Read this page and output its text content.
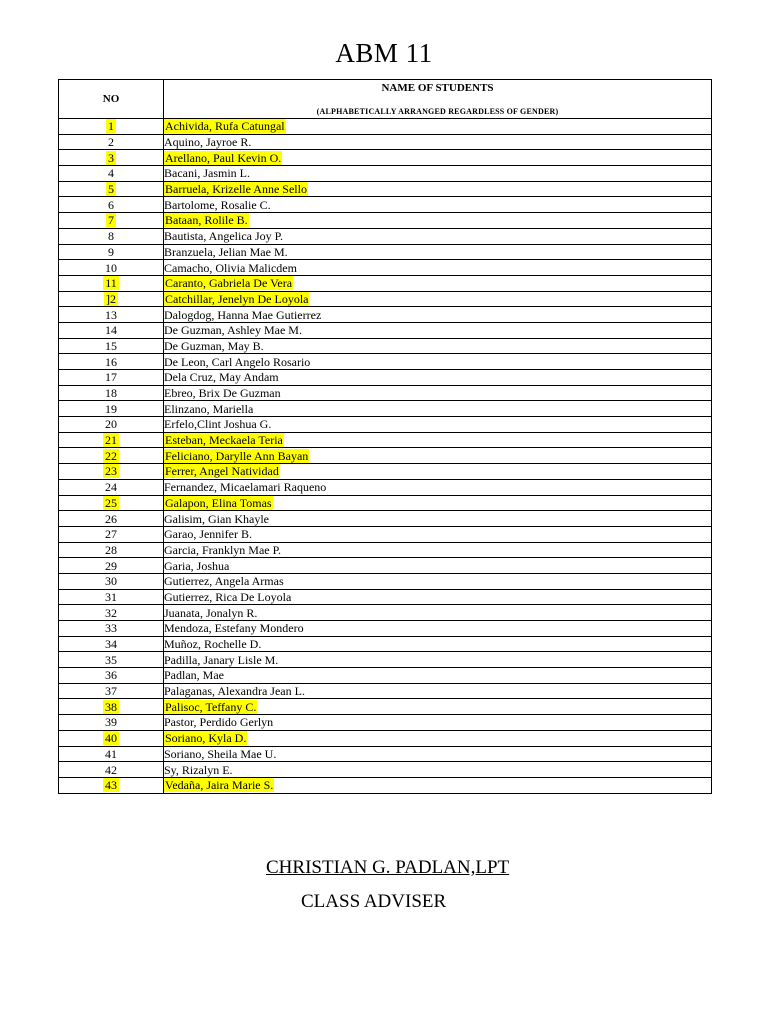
ABM 11
NO	NAME OF STUDENTS
(ALPHABETICALLY ARRANGED REGARDLESS OF GENDER)

1	Achivida, Rufa Catungal
2	Aquino, Jayroe R.
3	Arellano, Paul Kevin O.
4	Bacani, Jasmin L.
5	Barruela, Krizelle Anne Sello
6	Bartolome, Rosalie C.
7	Bataan, Rolile B.
8	Bautista, Angelica Joy P.
9	Branzuela, Jelian Mae M.
10	Camacho, Olivia Malicdem
11	Caranto, Gabriela De Vera
]2	Catchillar, Jenelyn De Loyola
13	Dalogdog, Hanna Mae Gutierrez
14	De Guzman, Ashley Mae M.
15	De Guzman, May B.
16	De Leon, Carl Angelo Rosario
17	Dela Cruz, May Andam
18	Ebreo, Brix De Guzman
19	Elinzano, Mariella
20	Erfelo,Clint Joshua G.
21	Esteban, Meckaela Teria
22	Feliciano, Darylle Ann Bayan
23	Ferrer, Angel Natividad
24	Fernandez, Micaelamari Raqueno
25	Galapon, Elina Tomas
26	Galisim, Gian Khayle
27	Garao, Jennifer B.
28	Garcia, Franklyn Mae P.
29	Garia, Joshua
30	Gutierrez, Angela Armas
31	Gutierrez, Rica De Loyola
32	Juanata, Jonalyn R.
33	Mendoza, Estefany Mondero
34	Muñoz, Rochelle D.
35	Padilla, Janary Lisle M.
36	Padlan, Mae
37	Palaganas, Alexandra Jean L.
38	Palisoc, Teffany C.
39	Pastor, Perdido Gerlyn
40	Soriano, Kyla D.
41	Soriano, Sheila Mae U.
42	Sy, Rizalyn E.
43	Vedaña, Jaira Marie S.
CHRISTIAN G. PADLAN,LPT
CLASS ADVISER
